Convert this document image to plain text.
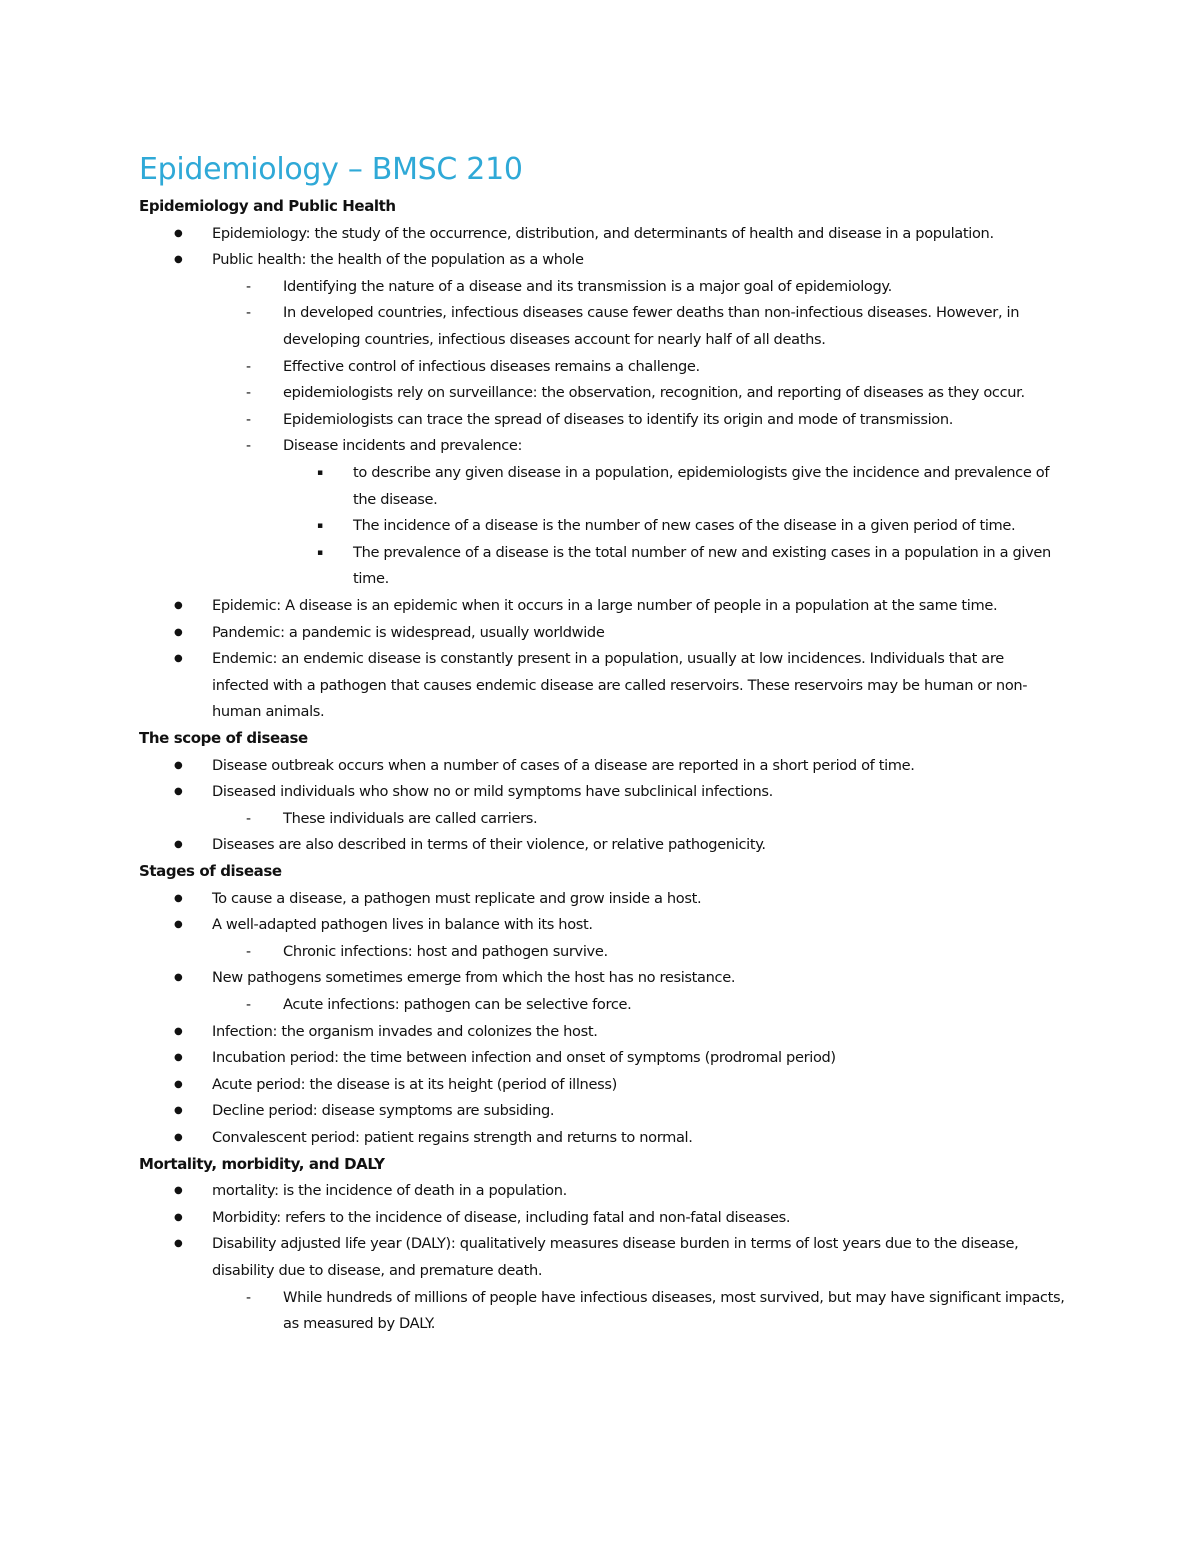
Epidemiology – BMSC 210
Epidemiology and Public Health
● Epidemiology: the study of the occurrence, distribution, and determinants of health and disease in a population.
● Public health: the health of the population as a whole
- Identifying the nature of a disease and its transmission is a major goal of epidemiology.
- In developed countries, infectious diseases cause fewer deaths than non-infectious diseases. However, in
developing countries, infectious diseases account for nearly half of all deaths.
- Effective control of infectious diseases remains a challenge.
- epidemiologists rely on surveillance: the observation, recognition, and reporting of diseases as they occur.
- Epidemiologists can trace the spread of diseases to identify its origin and mode of transmission.
- Disease incidents and prevalence:
▪ to describe any given disease in a population, epidemiologists give the incidence and prevalence of
the disease.
▪ The incidence of a disease is the number of new cases of the disease in a given period of time.
▪ The prevalence of a disease is the total number of new and existing cases in a population in a given
time.
● Epidemic: A disease is an epidemic when it occurs in a large number of people in a population at the same time.
● Pandemic: a pandemic is widespread, usually worldwide
● Endemic: an endemic disease is constantly present in a population, usually at low incidences. Individuals that are
infected with a pathogen that causes endemic disease are called reservoirs. These reservoirs may be human or non-
human animals.
The scope of disease
● Disease outbreak occurs when a number of cases of a disease are reported in a short period of time.
● Diseased individuals who show no or mild symptoms have subclinical infections.
- These individuals are called carriers.
● Diseases are also described in terms of their violence, or relative pathogenicity.
Stages of disease
● To cause a disease, a pathogen must replicate and grow inside a host.
● A well-adapted pathogen lives in balance with its host.
- Chronic infections: host and pathogen survive.
● New pathogens sometimes emerge from which the host has no resistance.
- Acute infections: pathogen can be selective force.
● Infection: the organism invades and colonizes the host.
● Incubation period: the time between infection and onset of symptoms (prodromal period)
● Acute period: the disease is at its height (period of illness)
● Decline period: disease symptoms are subsiding.
● Convalescent period: patient regains strength and returns to normal.
Mortality, morbidity, and DALY
● mortality: is the incidence of death in a population.
● Morbidity: refers to the incidence of disease, including fatal and non-fatal diseases.
● Disability adjusted life year (DALY): qualitatively measures disease burden in terms of lost years due to the disease,
disability due to disease, and premature death.
- While hundreds of millions of people have infectious diseases, most survived, but may have significant impacts,
as measured by DALY.
